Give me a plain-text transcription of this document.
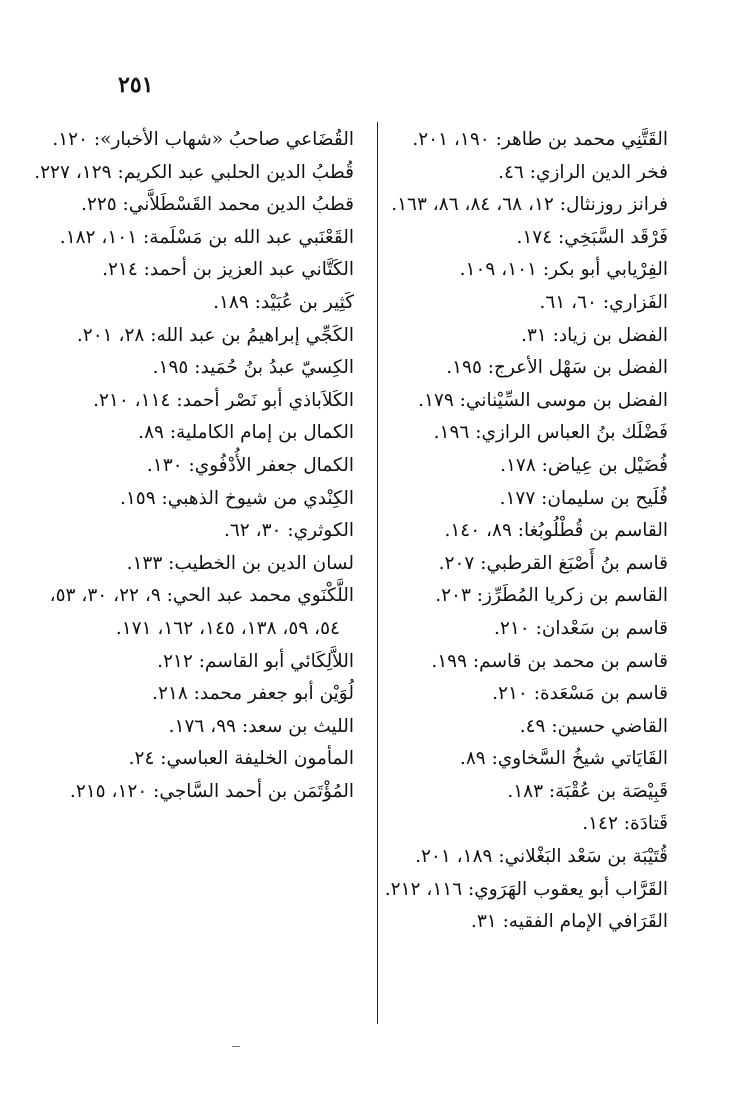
٢٥١
القَتَّنِي محمد بن طاهر: ١٩٠، ٢٠١.
فخر الدين الرازي: ٤٦.
فرانز روزنثال: ١٢، ٦٨، ٨٤، ٨٦، ١٦٣.
فَرْقَد السَّبَخِي: ١٧٤.
الفِرْيابي أبو بكر: ١٠١، ١٠٩.
الفَزاري: ٦٠، ٦١.
الفضل بن زياد: ٣١.
الفضل بن سَهْل الأعرج: ١٩٥.
الفضل بن موسى السِّيْناني: ١٧٩.
فَضْلَك بنُ العباس الرازي: ١٩٦.
فُضَيْل بن عِياض: ١٧٨.
فُلَيح بن سليمان: ١٧٧.
القاسم بن قُطْلُوبُغا: ٨٩، ١٤٠.
قاسم بنُ أَصْبَغ القرطبي: ٢٠٧.
القاسم بن زكريا المُطَرِّز: ٢٠٣.
قاسم بن سَعْدان: ٢١٠.
قاسم بن محمد بن قاسم: ١٩٩.
قاسم بن مَسْعَدة: ٢١٠.
القاضي حسين: ٤٩.
القَايَاتي شيخُ السَّخاوي: ٨٩.
قَبِيْصَة بن عُقْبَة: ١٨٣.
قَتادَة: ١٤٢.
قُتَيْبَة بن سَعْد البَغْلاني: ١٨٩، ٢٠١.
القَرَّاب أبو يعقوب الهَرَوي: ١١٦، ٢١٢.
القَرَافي الإمام الفقيه: ٣١.
القُضَاعي صاحبُ «شهاب الأخبار»: ١٢٠.
قُطبُ الدين الحلبي عبد الكريم: ١٢٩، ٢٢٧.
قطبُ الدين محمد القَسْطَلاَّني: ٢٢٥.
القَعْنَبي عبد الله بن مَسْلَمة: ١٠١، ١٨٢.
الكَتَّاني عبد العزيز بن أحمد: ٢١٤.
كَثِير بن عُبَيْد: ١٨٩.
الكَجِّي إبراهيمُ بن عبد الله: ٢٨، ٢٠١.
الكِسيّ عبدُ بنُ حُمَيد: ١٩٥.
الكَلاَباذي أبو نَصْر أحمد: ١١٤، ٢١٠.
الكمال بن إمام الكاملية: ٨٩.
الكمال جعفر الأُدْفُوي: ١٣٠.
الكِنْدي من شيوخ الذهبي: ١٥٩.
الكوثري: ٣٠، ٦٢.
لسان الدين بن الخطيب: ١٣٣.
اللَّكْنَوي محمد عبد الحي: ٩، ٢٢، ٣٠، ٥٣، ٥٤، ٥٩، ١٣٨، ١٤٥، ١٦٢، ١٧١.
اللاَّلِكَائي أبو القاسم: ٢١٢.
لُوَيْن أبو جعفر محمد: ٢١٨.
الليث بن سعد: ٩٩، ١٧٦.
المأمون الخليفة العباسي: ٢٤.
المُؤْتَمَن بن أحمد السَّاجي: ١٢٠، ٢١٥.
